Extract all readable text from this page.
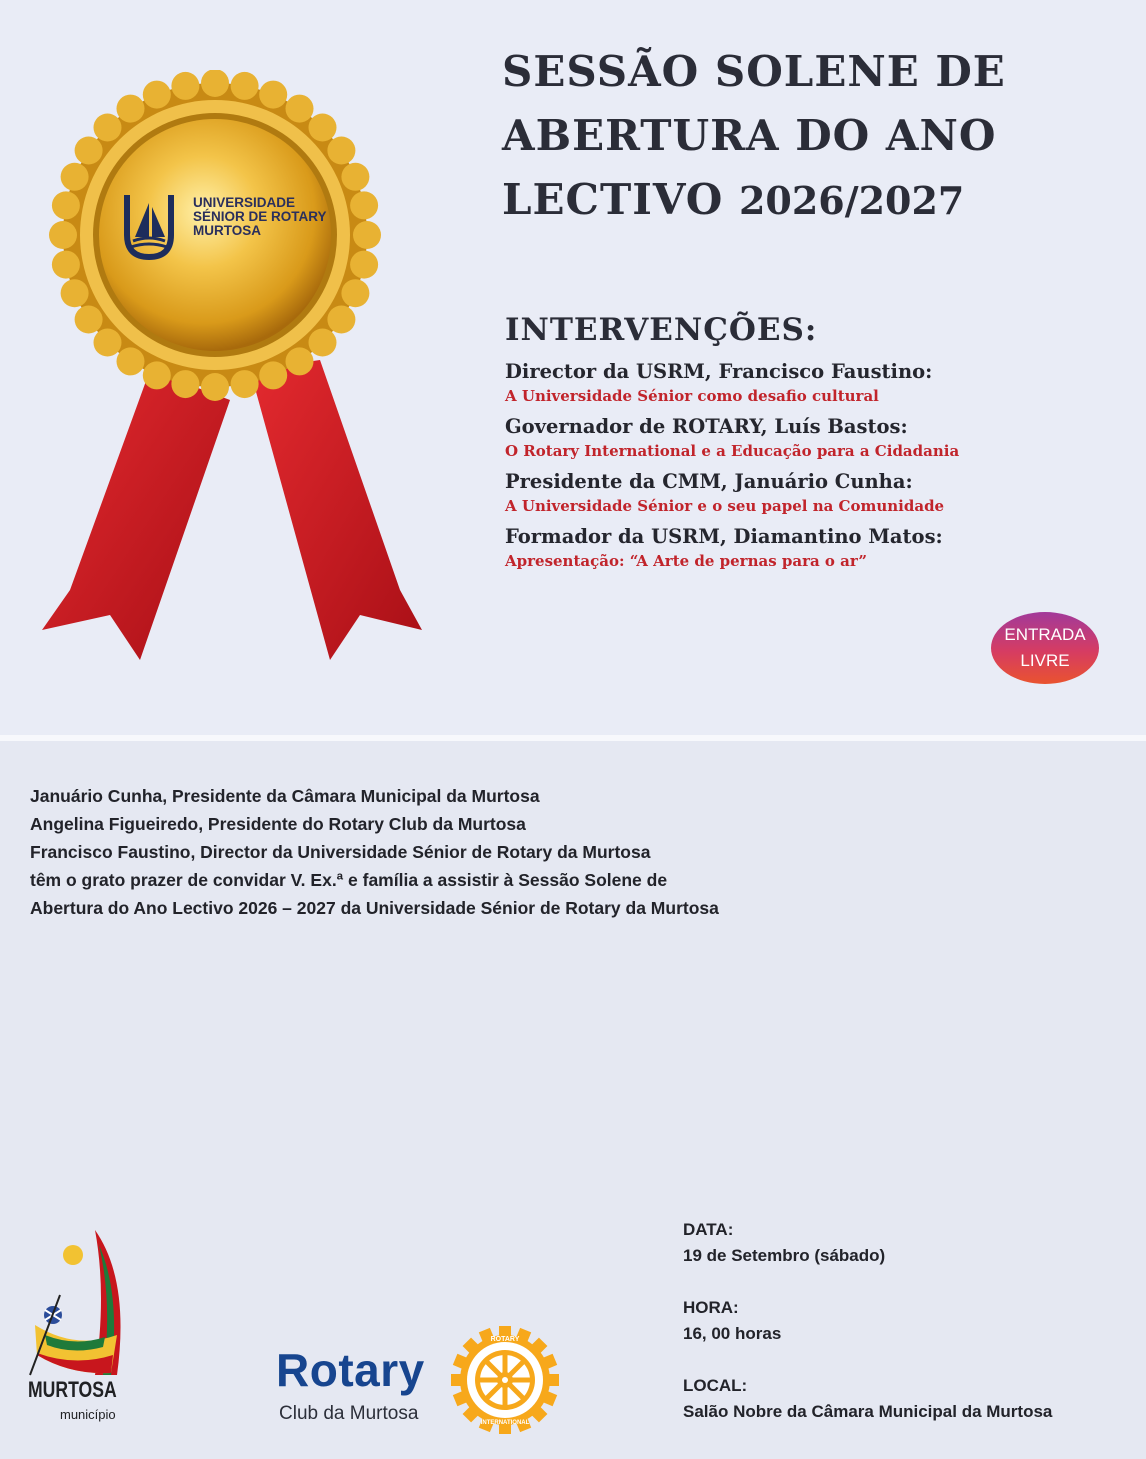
UNIVERSIDADE
SÉNIOR DE ROTARY
MURTOSA
SESSÃO SOLENE DE
ABERTURA DO ANO
LECTIVO 2026/2027
INTERVENÇÕES:
Director da USRM, Francisco Faustino:
A Universidade Sénior como desafio cultural
Governador de ROTARY, Luís Bastos:
O Rotary International e a Educação para a Cidadania
Presidente da CMM, Januário Cunha:
A Universidade Sénior e o seu papel na Comunidade
Formador da USRM, Diamantino Matos:
Apresentação: “A Arte de pernas para o ar”
ENTRADA
LIVRE
Januário Cunha, Presidente da Câmara Municipal da Murtosa
Angelina Figueiredo, Presidente do Rotary Club da Murtosa
Francisco Faustino, Director da Universidade Sénior de Rotary da Murtosa
têm o grato prazer de convidar V. Ex.ª e família a assistir à Sessão Solene de
Abertura do Ano Lectivo 2026 – 2027 da Universidade Sénior de Rotary da Murtosa
DATA:
19 de Setembro (sábado)
HORA:
16, 00 horas
LOCAL:
Salão Nobre da Câmara Municipal da Murtosa
MURTOSA
município
Rotary
Club da Murtosa
ROTARY
INTERNATIONAL
